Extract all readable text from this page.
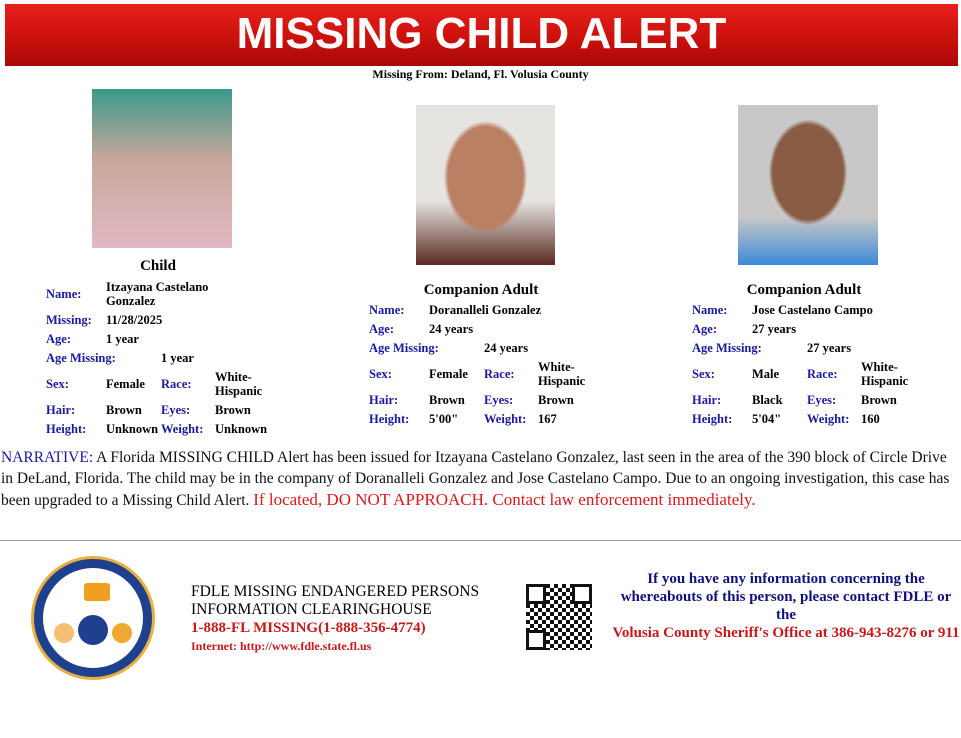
MISSING CHILD ALERT
Missing From: Deland, Fl. Volusia County
Child
Name:	Itzayana Castelano Gonzalez
Missing:	11/28/2025
Age:	1 year
Age Missing:	1 year
Sex:	Female	Race:	White-Hispanic
Hair:	Brown	Eyes:	Brown
Height:	Unknown Weight: Unknown
Companion Adult
Name:	Doranalleli Gonzalez
Age:	24 years
Age Missing:	24 years
Sex:	Female	Race:	White-Hispanic
Hair:	Brown	Eyes:	Brown
Height:	5'00"	Weight: 167
Companion Adult
Name:	Jose Castelano Campo
Age:	27 years
Age Missing:	27 years
Sex:	Male	Race:	White-Hispanic
Hair:	Black	Eyes:	Brown
Height:	5'04"	Weight: 160
NARRATIVE: A Florida MISSING CHILD Alert has been issued for Itzayana Castelano Gonzalez, last seen in the area of the 390 block of Circle Drive in DeLand, Florida. The child may be in the company of Doranalleli Gonzalez and Jose Castelano Campo. Due to an ongoing investigation, this case has been upgraded to a Missing Child Alert. If located, DO NOT APPROACH. Contact law enforcement immediately.
FDLE MISSING ENDANGERED PERSONS
INFORMATION CLEARINGHOUSE
1-888-FL MISSING(1-888-356-4774)
Internet: http://www.fdle.state.fl.us
If you have any information concerning the whereabouts of this person, please contact FDLE or the
Volusia County Sheriff's Office at 386-943-8276 or 911
